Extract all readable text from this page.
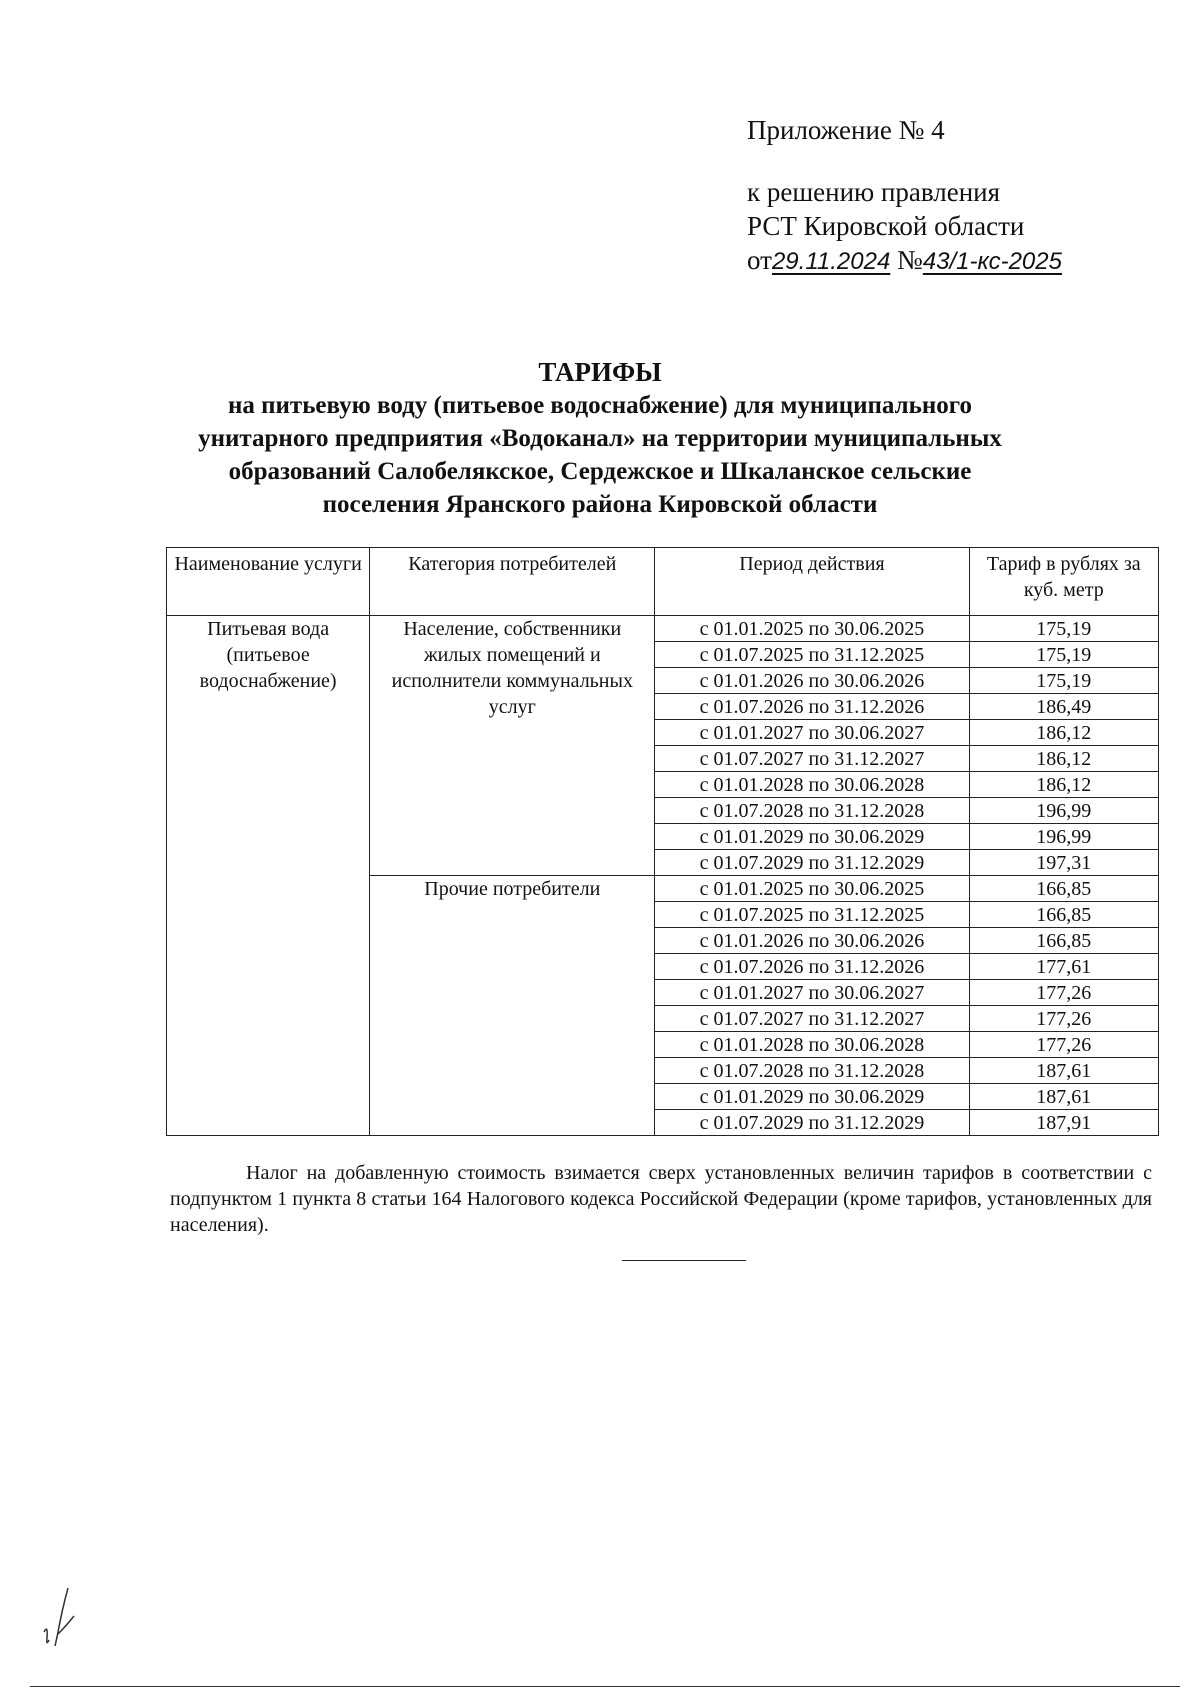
Приложение № 4
к решению правления
РСТ Кировской области
от29.11.2024 №43/1-кс-2025
ТАРИФЫ
на питьевую воду (питьевое водоснабжение) для муниципального
унитарного предприятия «Водоканал» на территории муниципальных
образований Салобелякское, Сердежское и Шкаланское сельские
поселения Яранского района Кировской области
Наименование услуги	Категория потребителей	Период действия	Тариф в рублях за куб. метр
Питьевая вода (питьевое водоснабжение)	Население, собственники жилых помещений и исполнители коммунальных услуг	с 01.01.2025 по 30.06.2025	175,19
		с 01.07.2025 по 31.12.2025	175,19
		с 01.01.2026 по 30.06.2026	175,19
		с 01.07.2026 по 31.12.2026	186,49
		с 01.01.2027 по 30.06.2027	186,12
		с 01.07.2027 по 31.12.2027	186,12
		с 01.01.2028 по 30.06.2028	186,12
		с 01.07.2028 по 31.12.2028	196,99
		с 01.01.2029 по 30.06.2029	196,99
		с 01.07.2029 по 31.12.2029	197,31
	Прочие потребители	с 01.01.2025 по 30.06.2025	166,85
		с 01.07.2025 по 31.12.2025	166,85
		с 01.01.2026 по 30.06.2026	166,85
		с 01.07.2026 по 31.12.2026	177,61
		с 01.01.2027 по 30.06.2027	177,26
		с 01.07.2027 по 31.12.2027	177,26
		с 01.01.2028 по 30.06.2028	177,26
		с 01.07.2028 по 31.12.2028	187,61
		с 01.01.2029 по 30.06.2029	187,61
		с 01.07.2029 по 31.12.2029	187,91
Налог на добавленную стоимость взимается сверх установленных величин тарифов в соответствии с подпунктом 1 пункта 8 статьи 164 Налогового кодекса Российской Федерации (кроме тарифов, установленных для населения).
